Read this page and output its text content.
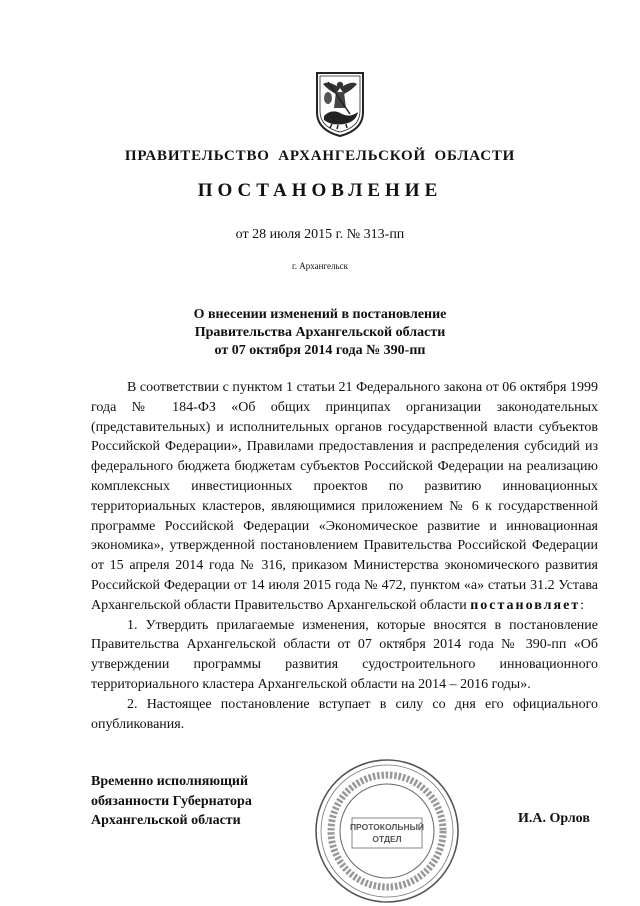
ПРАВИТЕЛЬСТВО АРХАНГЕЛЬСКОЙ ОБЛАСТИ
ПОСТАНОВЛЕНИЕ
от 28 июля 2015 г. № 313-пп
г. Архангельск
О внесении изменений в постановление
Правительства Архангельской области
от 07 октября 2014 года № 390-пп

В соответствии с пунктом 1 статьи 21 Федерального закона от 06 октября 1999 года № 184-ФЗ «Об общих принципах организации законодательных (представительных) и исполнительных органов государственной власти субъектов Российской Федерации», Правилами предоставления и распределения субсидий из федерального бюджета бюджетам субъектов Российской Федерации на реализацию комплексных инвестиционных проектов по развитию инновационных территориальных кластеров, являющимися приложением № 6 к государственной программе Российской Федерации «Экономическое развитие и инновационная экономика», утвержденной постановлением Правительства Российской Федерации от 15 апреля 2014 года № 316, приказом Министерства экономического развития Российской Федерации от 14 июля 2015 года № 472, пунктом «а» статьи 31.2 Устава Архангельской области Правительство Архангельской области постановляет:

1. Утвердить прилагаемые изменения, которые вносятся в постановление Правительства Архангельской области от 07 октября 2014 года № 390-пп «Об утверждении программы развития судостроительного инновационного территориального кластера Архангельской области на 2014 – 2016 годы».

2. Настоящее постановление вступает в силу со дня его официального опубликования.

Временно исполняющий
обязанности Губернатора
Архангельской области	ПРОТОКОЛЬНЫЙ
ОТДЕЛ
И.А. Орлов
